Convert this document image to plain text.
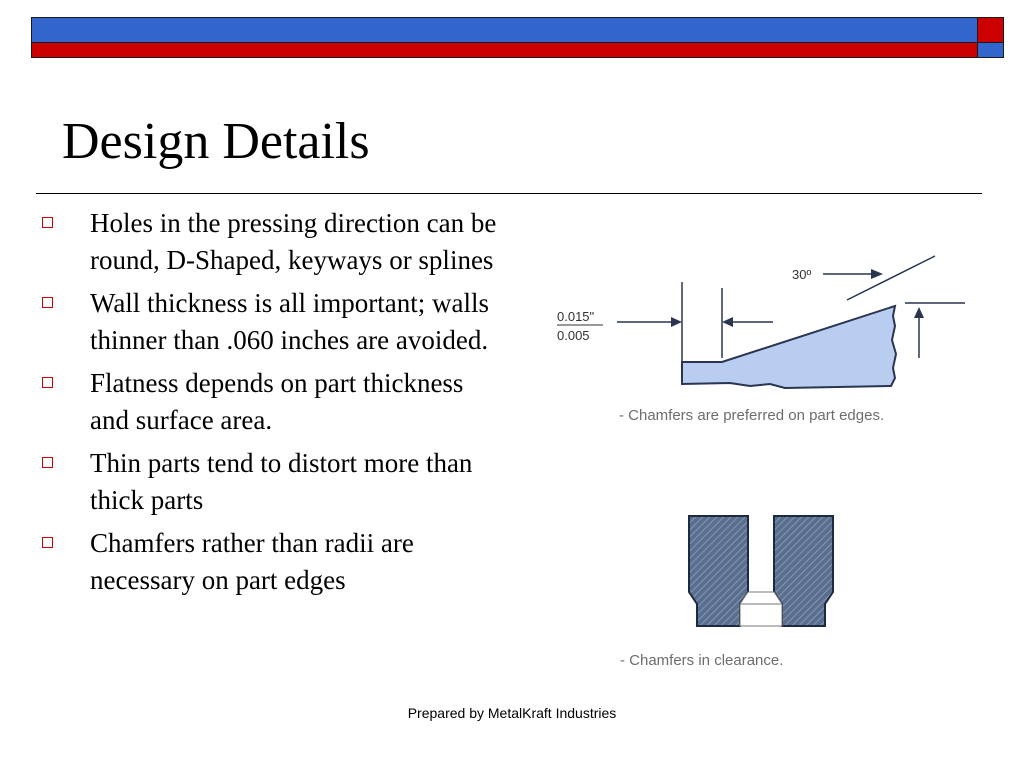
Design Details
Holes in the pressing direction can be round, D-Shaped, keyways or splines
Wall thickness is all important; walls thinner than .060 inches are avoided.
Flatness depends on part thickness and surface area.
Thin parts tend to distort more than thick parts
Chamfers rather than radii are necessary on part edges
30º
0.015"
0.005
- Chamfers are preferred on part edges.
- Chamfers in clearance.
Prepared by MetalKraft Industries
